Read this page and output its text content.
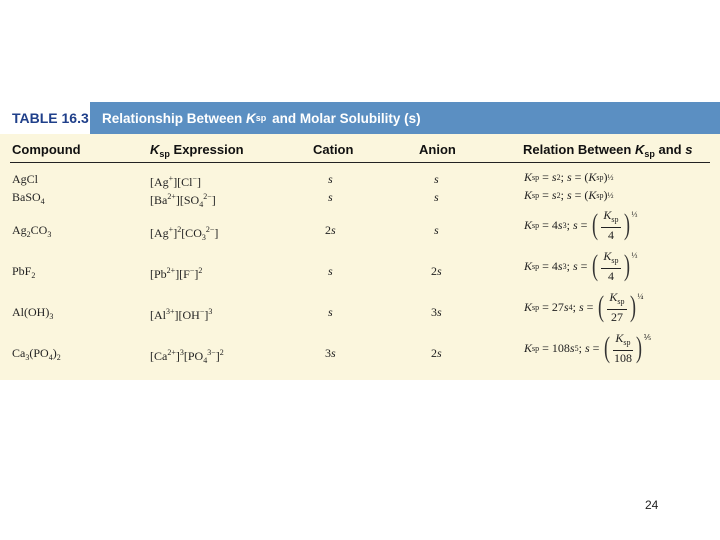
TABLE 16.3 Relationship Between
K sp
and Molar Solubility (s)
Compound	$K_{sp}$ Expression	Cation	Anion	Relation Between $K_{sp}$ and s
AgCl	[Ag+][Cl−]	s	s	K sp = s 2 ; s = ( K sp ) ½
BaSO$_4$	$[Ba^{2+}][SO_4^{2-}]$	s	s	K sp = s 2 ; s = ( K sp ) ½
$Ag_2CO_3$	$[Ag^+]^2[CO_3^{2-}]$	2s	s	K sp = 4 s 3 ; s = ( $\frac{K_{sp}}{4}$ ) ⅓
PbF$_2$	$[Pb^{2+}][F^-]^2$	s	2s	K sp = 4 s 3 ; s = ( $\frac{K_{sp}}{4}$ ) ⅓
$Al(OH)_3$	$[Al^{3+}][OH^-]^3$	s	3s	K sp = 27 s 4 ; s = ( $\frac{K_{sp}}{27}$ ) ¼
$Ca_3(PO_4)_2$	$[Ca^{2+}]^3[PO_4^{3-}]^2$	3s	2s	K sp = 108 s 5 ; s = ( $\frac{K_{sp}}{108}$ ) ⅕
24
